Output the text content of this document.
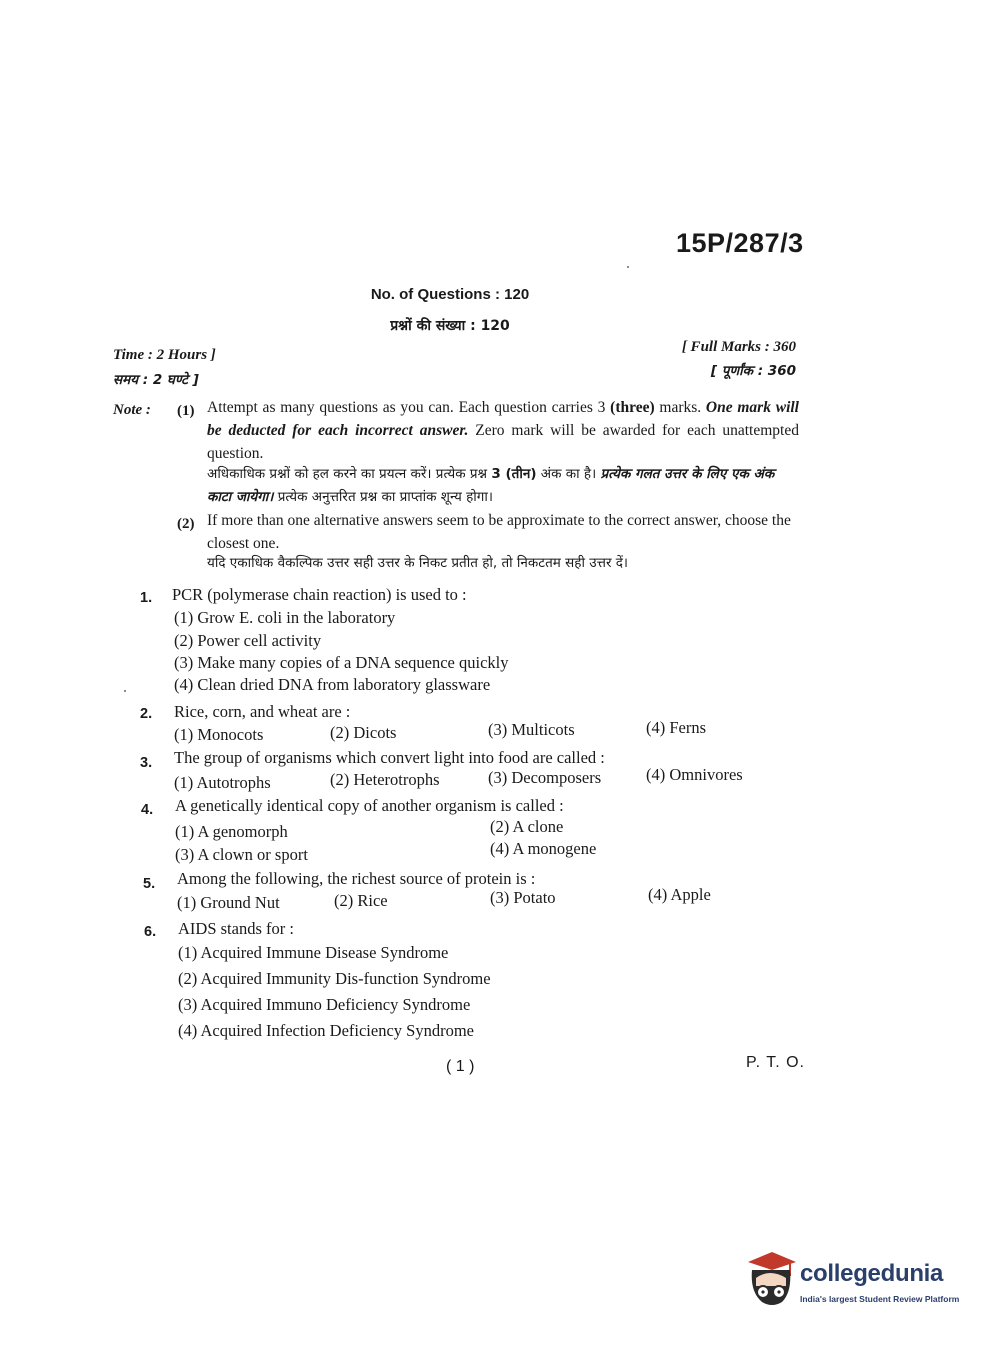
15P/287/3
No. of Questions : 120
प्रश्नों की संख्या : 120
Time : 2 Hours ]
समय : 2 घण्टे ]
[ Full Marks : 360
[ पूर्णांक : 360
Note : (1) Attempt as many questions as you can. Each question carries 3 (three) marks. One mark will be deducted for each incorrect answer. Zero mark will be awarded for each unattempted question.
अधिकाधिक प्रश्नों को हल करने का प्रयत्न करें। प्रत्येक प्रश्न 3 (तीन) अंक का है। प्रत्येक गलत उत्तर के लिए एक अंक काटा जायेगा। प्रत्येक अनुत्तरित प्रश्न का प्राप्तांक शून्य होगा।
(2) If more than one alternative answers seem to be approximate to the correct answer, choose the closest one.
यदि एकाधिक वैकल्पिक उत्तर सही उत्तर के निकट प्रतीत हो, तो निकटतम सही उत्तर दें।
1. PCR (polymerase chain reaction) is used to :
(1) Grow E. coli in the laboratory
(2) Power cell activity
(3) Make many copies of a DNA sequence quickly
(4) Clean dried DNA from laboratory glassware
2. Rice, corn, and wheat are :
(1) Monocots	(2) Dicots	(3) Multicots	(4) Ferns
3. The group of organisms which convert light into food are called :
(1) Autotrophs	(2) Heterotrophs	(3) Decomposers	(4) Omnivores
4. A genetically identical copy of another organism is called :
(1) A genomorph	(2) A clone
(3) A clown or sport	(4) A monogene
5. Among the following, the richest source of protein is :
(1) Ground Nut	(2) Rice	(3) Potato	(4) Apple
6. AIDS stands for :
(1) Acquired Immune Disease Syndrome
(2) Acquired Immunity Dis-function Syndrome
(3) Acquired Immuno Deficiency Syndrome
(4) Acquired Infection Deficiency Syndrome
( 1 )	P. T. O.
collegedunia
India's largest Student Review Platform
